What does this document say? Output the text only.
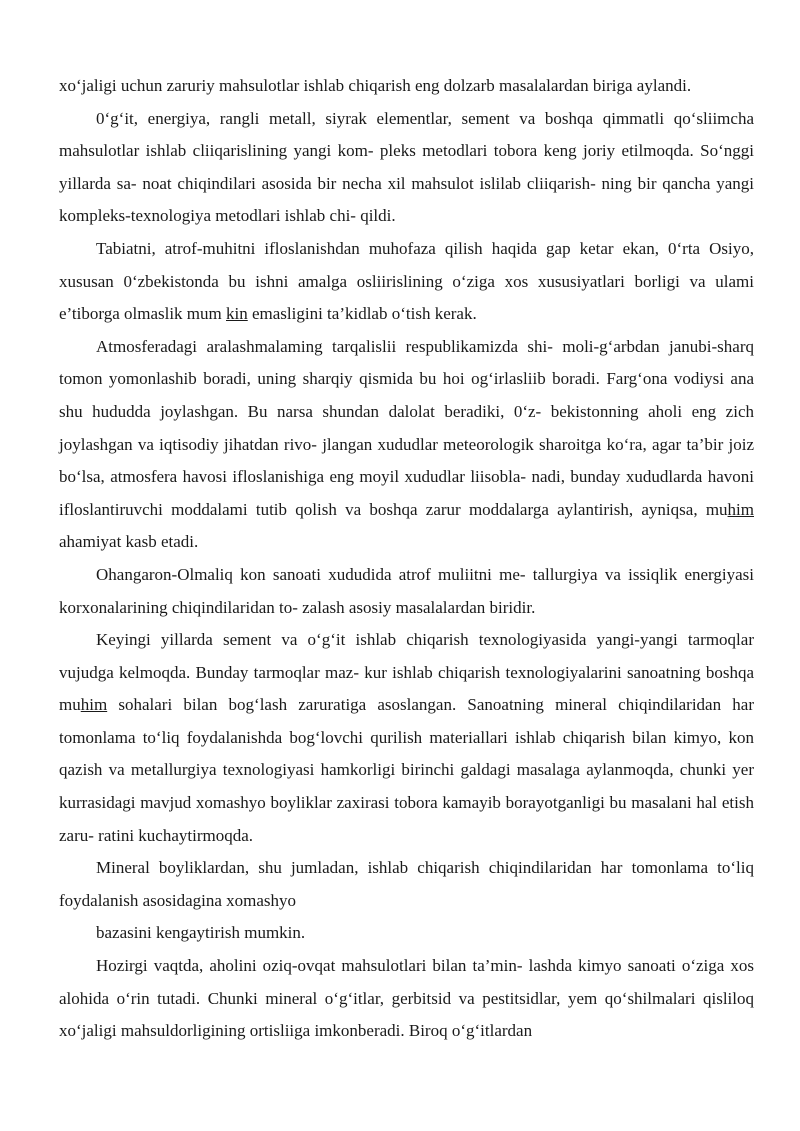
xo‘jaligi uchun zaruriy mahsulotlar ishlab chiqarish eng dolzarb masalalardan biriga aylandi.

0‘g‘it, energiya, rangli metall, siyrak elementlar, sement va boshqa qimmatli qo‘sliimcha mahsulotlar ishlab cliiqarislining yangi kom- pleks metodlari tobora keng joriy etilmoqda. So‘nggi yillarda sa- noat chiqindilari asosida bir necha xil mahsulot islilab cliiqarish- ning bir qancha yangi kompleks-texnologiya metodlari ishlab chi- qildi.

Tabiatni, atrof-muhitni ifloslanishdan muhofaza qilish haqida gap ketar ekan, 0‘rta Osiyo, xususan 0‘zbekistonda bu ishni amalga osliirislining o‘ziga xos xususiyatlari borligi va ulami e’tiborga olmaslik mum kin emasligini ta’kidlab o‘tish kerak.

Atmosferadagi aralashmalaming tarqalislii respublikamizda shi- moli-g‘arbdan janubi-sharq tomon yomonlashib boradi, uning sharqiy qismida bu hoi og‘irlasliib boradi. Farg‘ona vodiysi ana shu hududda joylashgan. Bu narsa shundan dalolat beradiki, 0‘z- bekistonning aholi eng zich joylashgan va iqtisodiy jihatdan rivo- jlangan xududlar meteorologik sharoitga ko‘ra, agar ta’bir joiz bo‘lsa, atmosfera havosi ifloslanishiga eng moyil xududlar liisobla- nadi, bunday xududlarda havoni ifloslantiruvchi moddalami tutib qolish va boshqa zarur moddalarga aylantirish, ayniqsa, muhim ahamiyat kasb etadi.

Ohangaron-Olmaliq kon sanoati xududida atrof muliitni me- tallurgiya va issiqlik energiyasi korxonalarining chiqindilaridan to- zalash asosiy masalalardan biridir.

Keyingi yillarda sement va o‘g‘it ishlab chiqarish texnologiyasida yangi-yangi tarmoqlar vujudga kelmoqda. Bunday tarmoqlar maz- kur ishlab chiqarish texnologiyalarini sanoatning boshqa muhim sohalari bilan bog‘lash zaruratiga asoslangan. Sanoatning mineral chiqindilaridan har tomonlama to‘liq foydalanishda bog‘lovchi qurilish materiallari ishlab chiqarish bilan kimyo, kon qazish va metallurgiya texnologiyasi hamkorligi birinchi galdagi masalaga aylanmoqda, chunki yer kurrasidagi mavjud xomashyo boyliklar zaxirasi tobora kamayib borayotganligi bu masalani hal etish zaru- ratini kuchaytirmoqda.

Mineral boyliklardan, shu jumladan, ishlab chiqarish chiqindilaridan har tomonlama to‘liq foydalanish asosidagina xomashyo

bazasini kengaytirish mumkin.

Hozirgi vaqtda, aholini oziq-ovqat mahsulotlari bilan ta’min- lashda kimyo sanoati o‘ziga xos alohida o‘rin tutadi. Chunki mineral o‘g‘itlar, gerbitsid va pestitsidlar, yem qo‘shilmalari qisliloq xo‘jaligi mahsuldorligining ortisliiga imkonberadi. Biroq o‘g‘itlardan
